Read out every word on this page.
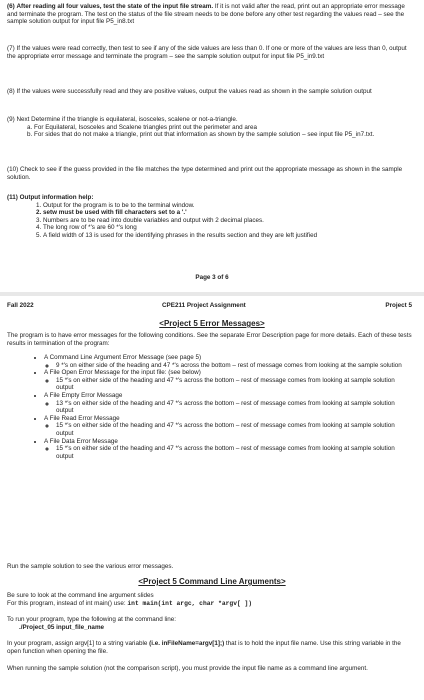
(6) After reading all four values, test the state of the input file stream. If it is not valid after the read, print out an appropriate error message and terminate the program. The test on the status of the file stream needs to be done before any other test regarding the values read – see the sample solution output for input file P5_in8.txt
(7) If the values were read correctly, then test to see if any of the side values are less than 0. If one or more of the values are less than 0, output the appropriate error message and terminate the program – see the sample solution output for input file P5_in9.txt
(8) If the values were successfully read and they are positive values, output the values read as shown in the sample solution output

(9) Next Determine if the triangle is equilateral, isosceles, scalene or not-a-triangle.

a. For Equilateral, Isosceles and Scalene triangles print out the perimeter and area

b. For sides that do not make a triangle, print out that information as shown by the sample solution – see input file P5_in7.txt.

(10) Check to see if the guess provided in the file matches the type determined and print out the appropriate message as shown in the sample solution.

(11) Output information help:

1. Output for the program is to be to the terminal window.
2. setw must be used with fill characters set to a '.'
3. Numbers are to be read into double variables and output with 2 decimal places.
4. The long row of *'s are 60 *'s long
5. A field width of 13 is used for the identifying phrases in the results section and they are left justified
Page 3 of 6
Fall 2022	CPE211 Project Assignment	Project 5
<Project 5 Error Messages>
The program is to have error messages for the following conditions. See the separate Error Description page for more details. Each of these tests results in termination of the program:
• A Command Line Argument Error Message (see page 5)
◦ 9 *'s on either side of the heading and 47 *'s across the bottom – rest of message comes from looking at the sample solution
• A File Open Error Message for the input file: (see below)
◦ 15 *'s on either side of the heading and 47 *'s across the bottom – rest of message comes from looking at sample solution output
• A File Empty Error Message
◦ 13 *'s on either side of the heading and 47 *'s across the bottom – rest of message comes from looking at sample solution output
• A File Read Error Message
◦ 15 *'s on either side of the heading and 47 *'s across the bottom – rest of message comes from looking at sample solution output
• A File Data Error Message
◦ 15 *'s on either side of the heading and 47 *'s across the bottom – rest of message comes from looking at sample solution output
Run the sample solution to see the various error messages.
<Project 5 Command Line Arguments>

Be sure to look at the command line argument slides

For this program, instead of int main() use: int main(int argc, char *argv[ ])

To run your program, type the following at the command line:

./Project_05 input_file_name

In your program, assign argv[1] to a string variable (i.e. inFileName=argv[1];) that is to hold the input file name. Use this string variable in the open function when opening the file.

When running the sample solution (not the comparison script), you must provide the input file name as a command line argument.
